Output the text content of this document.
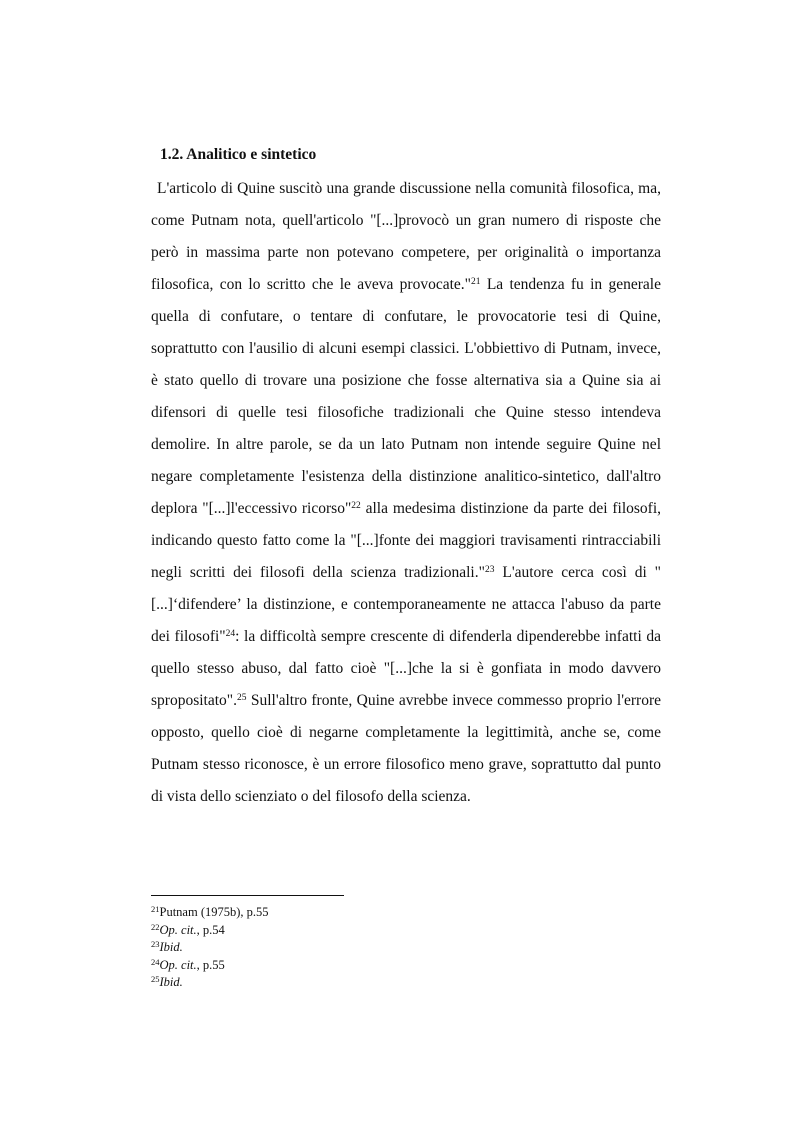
1.2. Analitico e sintetico

L'articolo di Quine suscitò una grande discussione nella comunità filosofica, ma, come Putnam nota, quell'articolo "[...]provocò un gran numero di risposte che però in massima parte non potevano competere, per originalità o importanza filosofica, con lo scritto che le aveva provocate."$^{21}$ La tendenza fu in generale quella di confutare, o tentare di confutare, le provocatorie tesi di Quine, soprattutto con l'ausilio di alcuni esempi classici. L'obbiettivo di Putnam, invece, è stato quello di trovare una posizione che fosse alternativa sia a Quine sia ai difensori di quelle tesi filosofiche tradizionali che Quine stesso intendeva demolire. In altre parole, se da un lato Putnam non intende seguire Quine nel negare completamente l'esistenza della distinzione analitico-sintetico, dall'altro deplora "[...]l'eccessivo ricorso"$^{22}$ alla medesima distinzione da parte dei filosofi, indicando questo fatto come la "[...]fonte dei maggiori travisamenti rintracciabili negli scritti dei filosofi della scienza tradizionali."$^{23}$ L'autore cerca così di "[...]‘difendere’ la distinzione, e contemporaneamente ne attacca l'abuso da parte dei filosofi"$^{24}$: la difficoltà sempre crescente di difenderla dipenderebbe infatti da quello stesso abuso, dal fatto cioè "[...]che la si è gonfiata in modo davvero spropositato".$^{25}$ Sull'altro fronte, Quine avrebbe invece commesso proprio l'errore opposto, quello cioè di negarne completamente la legittimità, anche se, come Putnam stesso riconosce, è un errore filosofico meno grave, soprattutto dal punto di vista dello scienziato o del filosofo della scienza.

$^{21}$Putnam (1975b), p.55
$^{22}$Op. cit., p.54
$^{23}$Ibid.
$^{24}$Op. cit., p.55
$^{25}$Ibid.
